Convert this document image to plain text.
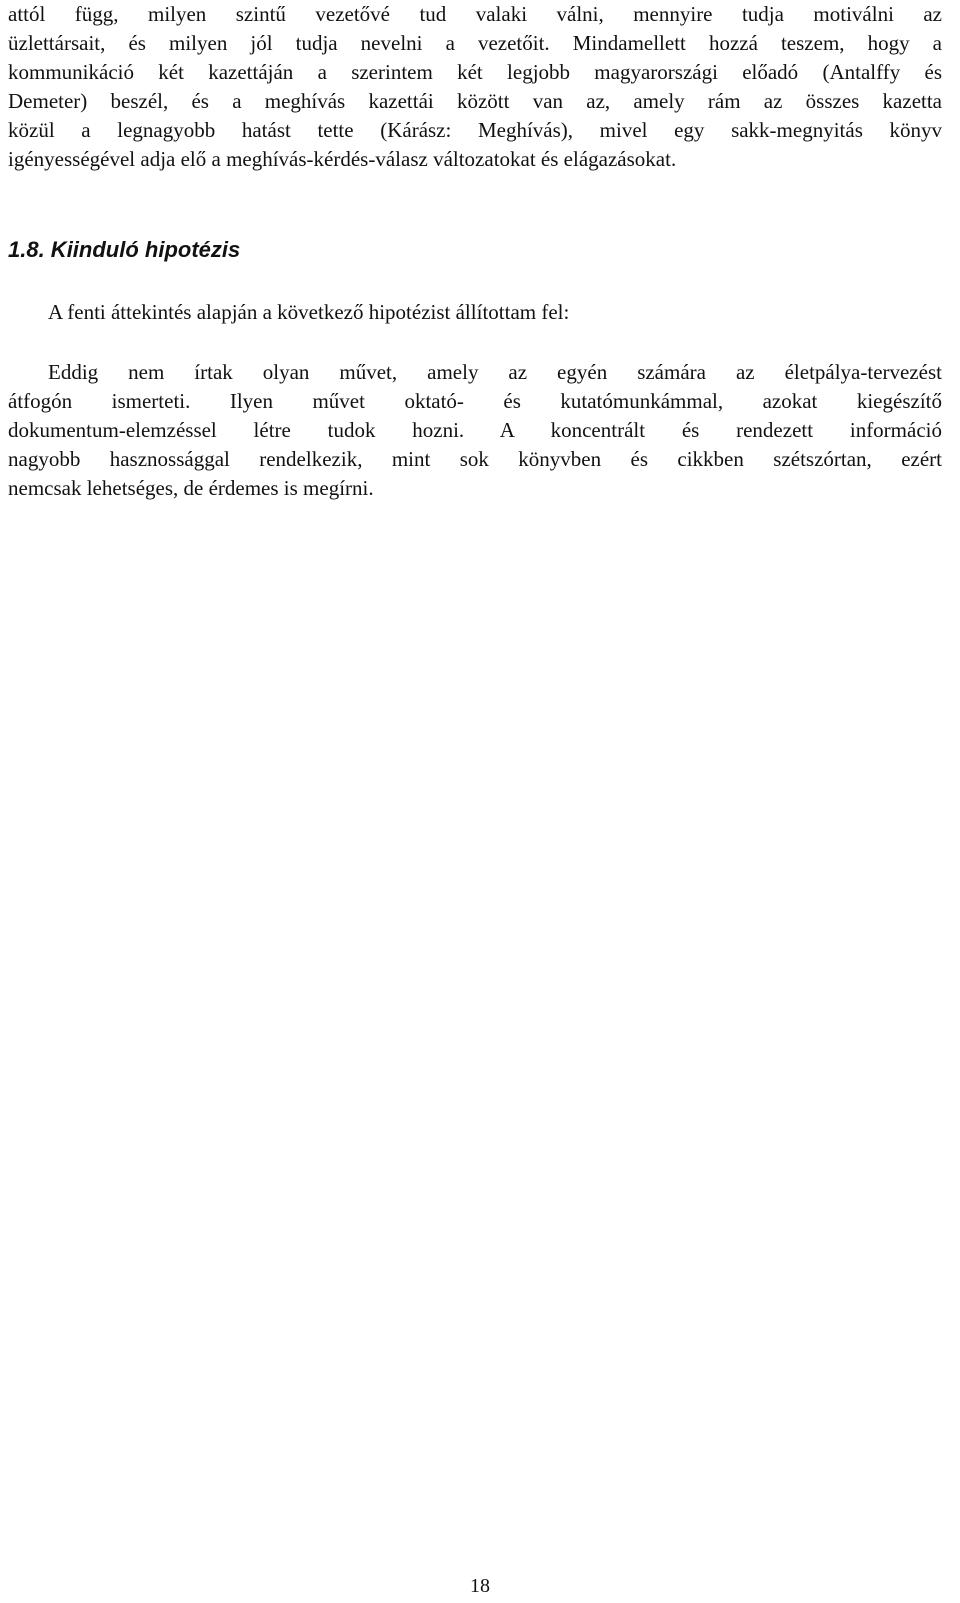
attól függ, milyen szintű vezetővé tud valaki válni, mennyire tudja motiválni az
üzlettársait, és milyen jól tudja nevelni a vezetőit. Mindamellett hozzá teszem, hogy a
kommunikáció két kazettáján a szerintem két legjobb magyarországi előadó (Antalffy és
Demeter) beszél, és a meghívás kazettái között van az, amely rám az összes kazetta
közül a legnagyobb hatást tette (Kárász: Meghívás), mivel egy sakk-megnyitás könyv
igényességével adja elő a meghívás-kérdés-válasz változatokat és elágazásokat.
1.8. Kiinduló hipotézis

A fenti áttekintés alapján a következő hipotézist állítottam fel:

Eddig nem írtak olyan művet, amely az egyén számára az életpálya-tervezést
átfogón ismerteti. Ilyen művet oktató- és kutatómunkámmal, azokat kiegészítő
dokumentum-elemzéssel létre tudok hozni. A koncentrált és rendezett információ
nagyobb hasznossággal rendelkezik, mint sok könyvben és cikkben szétszórtan, ezért
nemcsak lehetséges, de érdemes is megírni.

18
